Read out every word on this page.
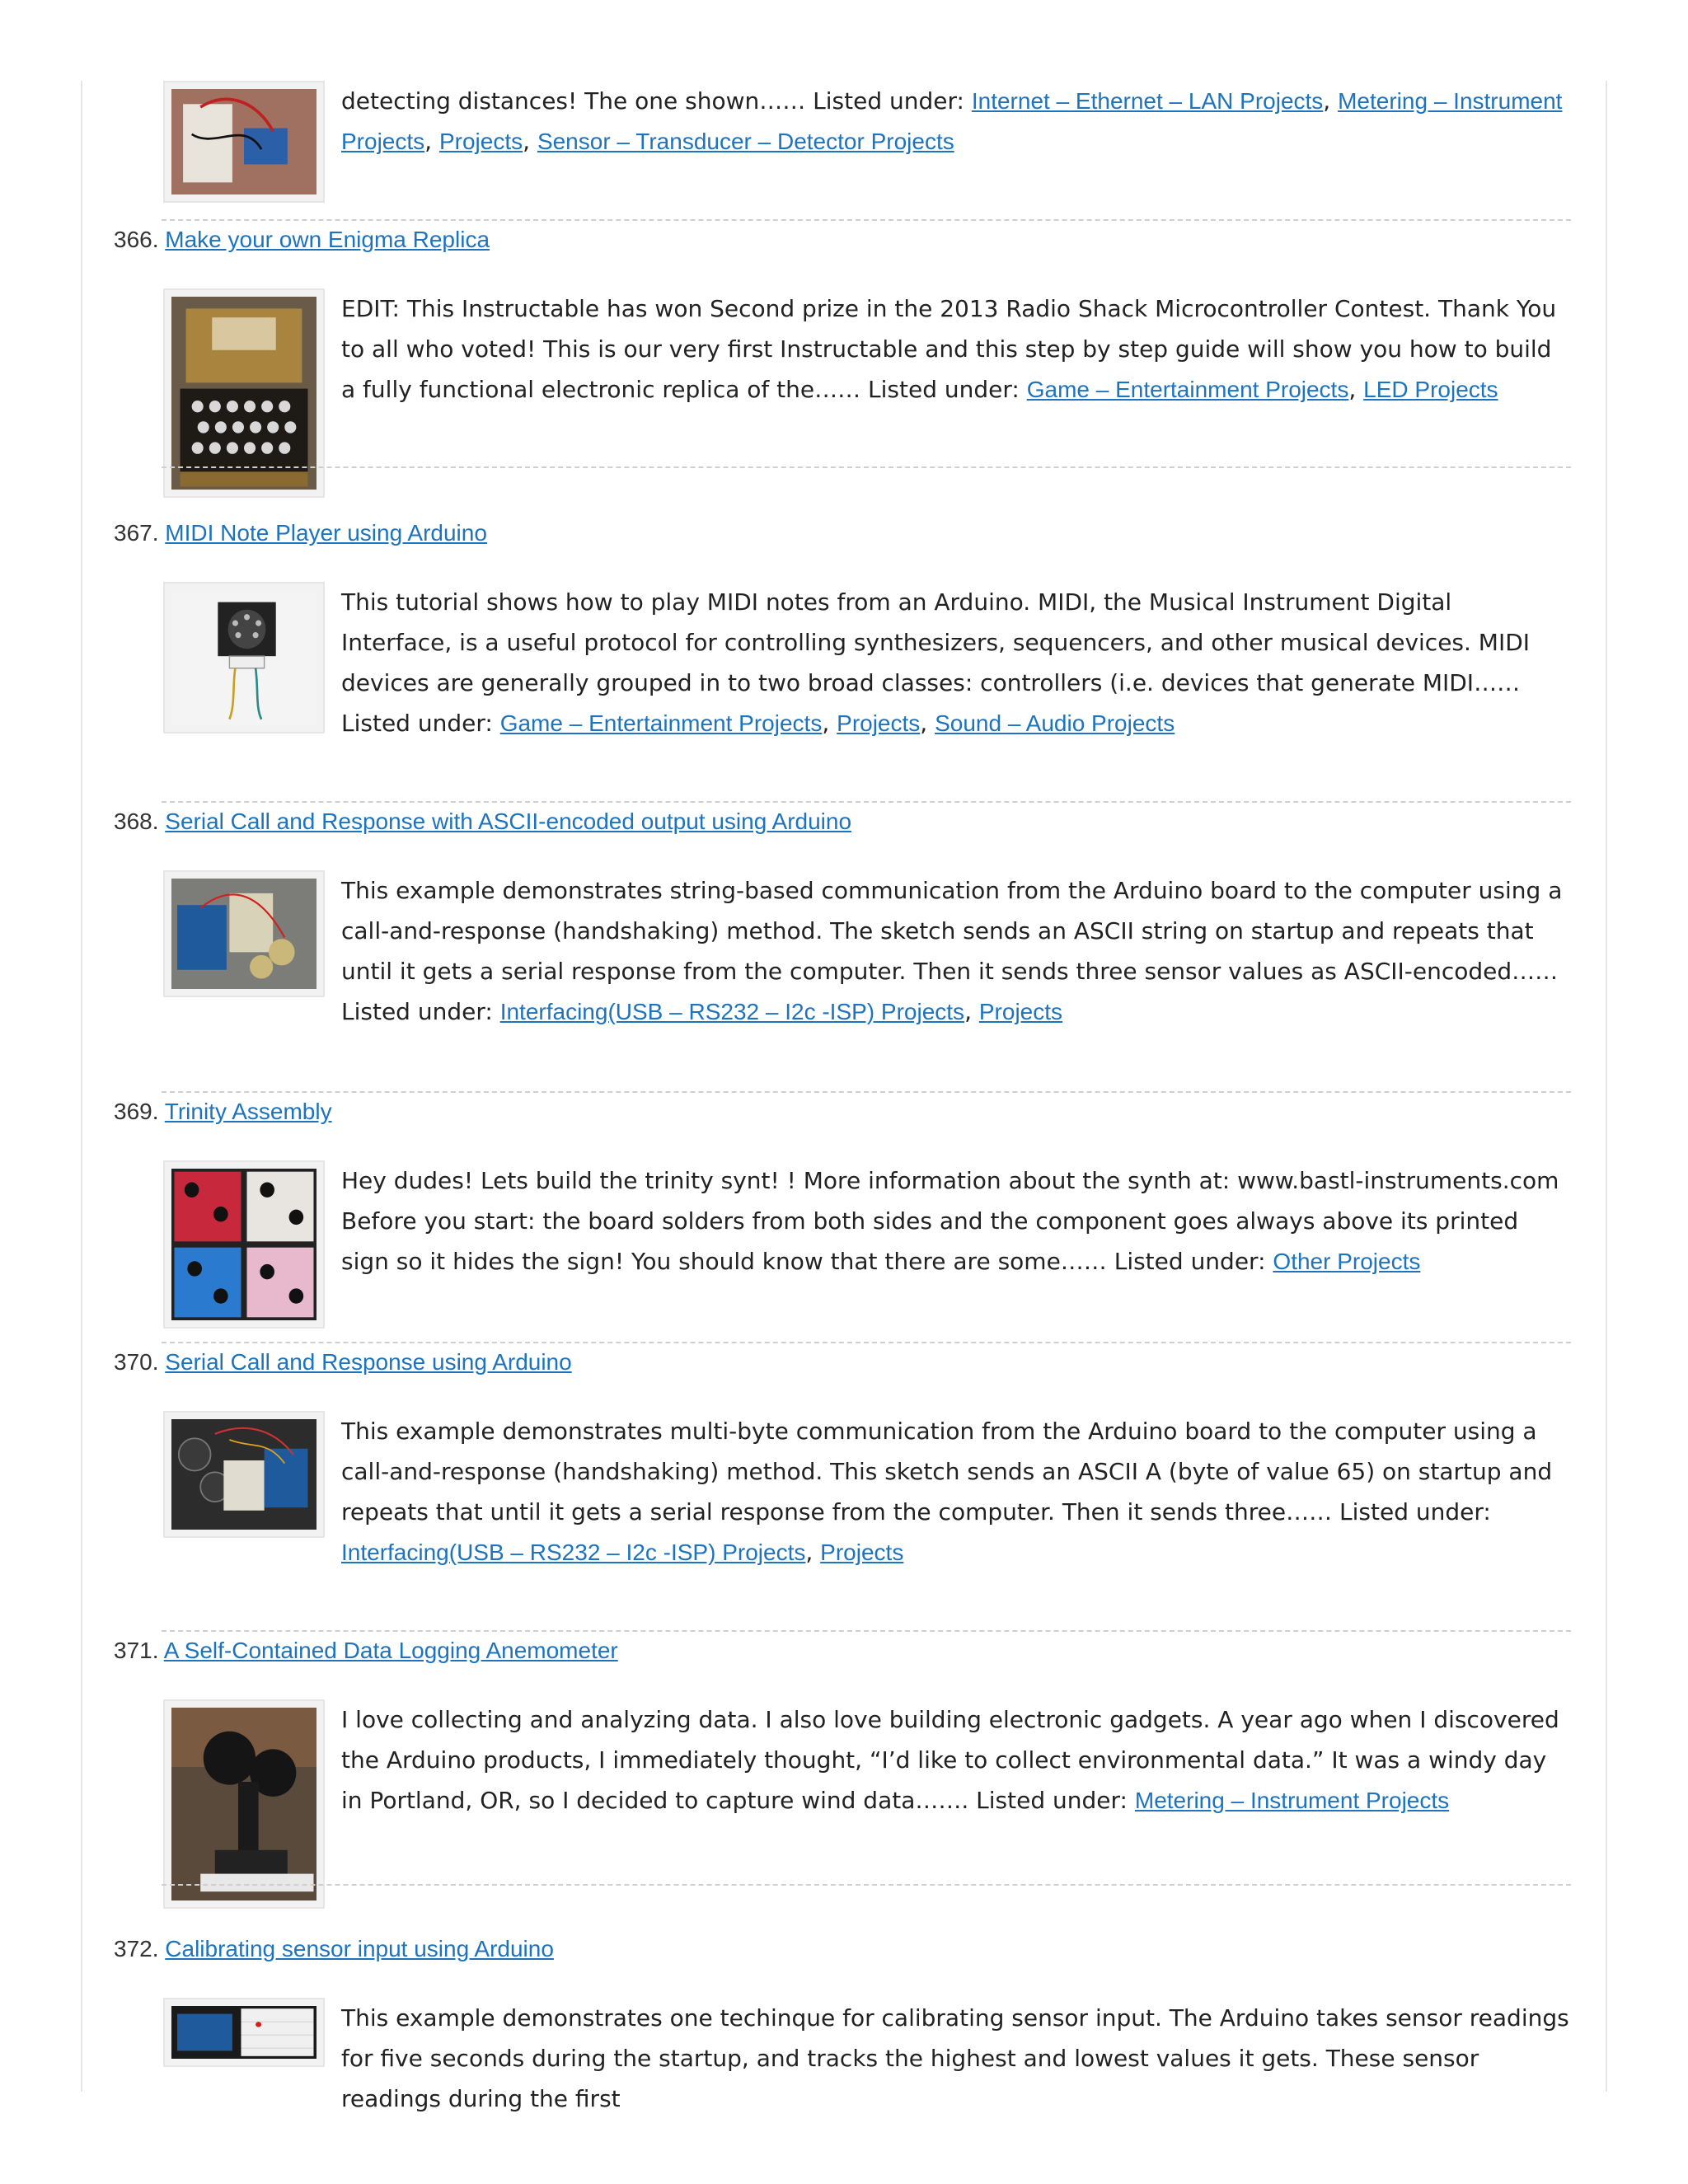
detecting distances! The one shown…… Listed under: Internet – Ethernet – LAN Projects, Metering – Instrument Projects, Projects, Sensor – Transducer – Detector Projects
366. Make your own Enigma Replica
EDIT: This Instructable has won Second prize in the 2013 Radio Shack Microcontroller Contest. Thank You to all who voted! This is our very first Instructable and this step by step guide will show you how to build a fully functional electronic replica of the…… Listed under: Game – Entertainment Projects, LED Projects
367. MIDI Note Player using Arduino
This tutorial shows how to play MIDI notes from an Arduino. MIDI, the Musical Instrument Digital Interface, is a useful protocol for controlling synthesizers, sequencers, and other musical devices. MIDI devices are generally grouped in to two broad classes: controllers (i.e. devices that generate MIDI…… Listed under: Game – Entertainment Projects, Projects, Sound – Audio Projects
368. Serial Call and Response with ASCII-encoded output using Arduino
This example demonstrates string-based communication from the Arduino board to the computer using a call-and-response (handshaking) method. The sketch sends an ASCII string on startup and repeats that until it gets a serial response from the computer. Then it sends three sensor values as ASCII-encoded…… Listed under: Interfacing(USB – RS232 – I2c -ISP) Projects, Projects
369. Trinity Assembly
Hey dudes! Lets build the trinity synt! ! More information about the synth at: www.bastl-instruments.com Before you start: the board solders from both sides and the component goes always above its printed sign so it hides the sign! You should know that there are some…… Listed under: Other Projects
370. Serial Call and Response using Arduino
This example demonstrates multi-byte communication from the Arduino board to the computer using a call-and-response (handshaking) method. This sketch sends an ASCII A (byte of value 65) on startup and repeats that until it gets a serial response from the computer. Then it sends three…… Listed under: Interfacing(USB – RS232 – I2c -ISP) Projects, Projects
371. A Self-Contained Data Logging Anemometer
I love collecting and analyzing data. I also love building electronic gadgets. A year ago when I discovered the Arduino products, I immediately thought, “I’d like to collect environmental data.” It was a windy day in Portland, OR, so I decided to capture wind data……. Listed under: Metering – Instrument Projects
372. Calibrating sensor input using Arduino
This example demonstrates one techinque for calibrating sensor input. The Arduino takes sensor readings for five seconds during the startup, and tracks the highest and lowest values it gets. These sensor readings during the first
